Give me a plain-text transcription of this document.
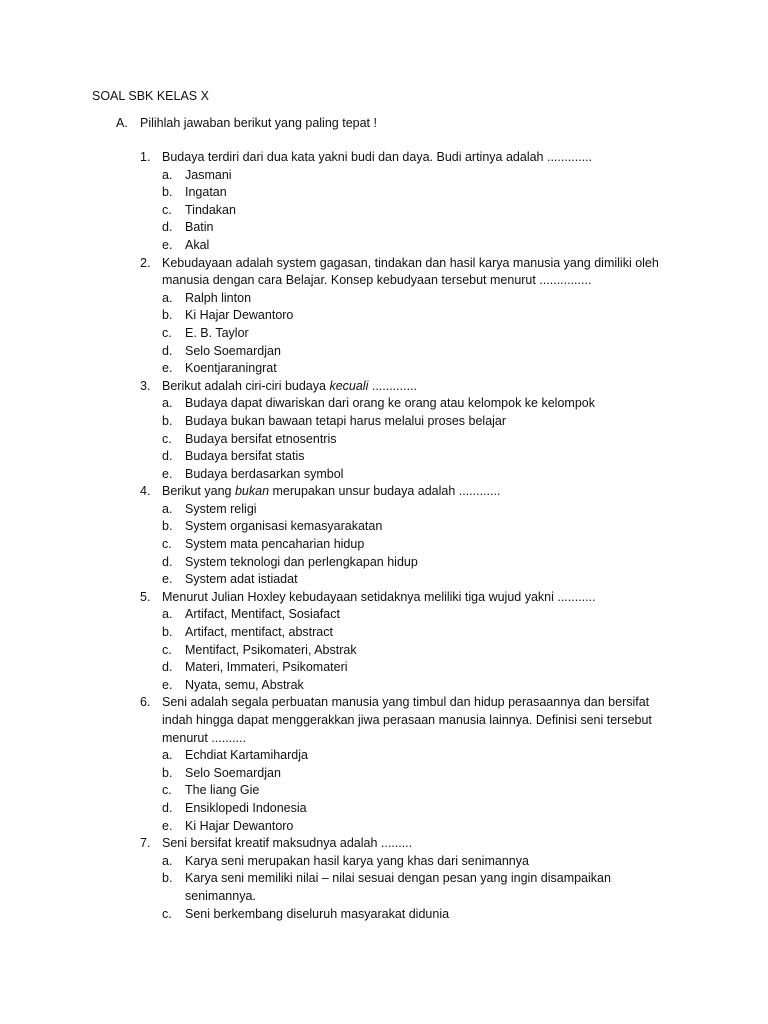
SOAL SBK KELAS X
A. Pilihlah jawaban berikut yang paling tepat !
1. Budaya terdiri dari dua kata yakni budi dan daya. Budi artinya adalah .............
a.	Jasmani
b.	Ingatan
c.	Tindakan
d.	Batin
e.	Akal
2. Kebudayaan adalah system gagasan, tindakan dan hasil karya manusia yang dimiliki oleh manusia dengan cara Belajar. Konsep kebudyaan tersebut menurut ...............
a.	Ralph linton
b.	Ki Hajar Dewantoro
c.	E. B. Taylor
d.	Selo Soemardjan
e.	Koentjaraningrat
3. Berikut adalah ciri-ciri budaya kecuali .............
a.	Budaya dapat diwariskan dari orang ke orang atau kelompok ke kelompok
b.	Budaya bukan bawaan tetapi harus melalui proses belajar
c.	Budaya bersifat etnosentris
d.	Budaya bersifat statis
e.	Budaya berdasarkan symbol
4. Berikut yang bukan merupakan unsur budaya adalah ............
a.	System religi
b.	System organisasi kemasyarakatan
c.	System mata pencaharian hidup
d.	System teknologi dan perlengkapan hidup
e.	System adat istiadat
5. Menurut Julian Hoxley kebudayaan setidaknya meliliki tiga wujud yakni ...........
a.	Artifact, Mentifact, Sosiafact
b.	Artifact, mentifact, abstract
c.	Mentifact, Psikomateri, Abstrak
d.	Materi, Immateri, Psikomateri
e.	Nyata, semu, Abstrak
6. Seni adalah segala perbuatan manusia yang timbul dan hidup perasaannya dan bersifat indah hingga dapat menggerakkan jiwa perasaan manusia lainnya. Definisi seni tersebut menurut ..........
a.	Echdiat Kartamihardja
b.	Selo Soemardjan
c.	The liang Gie
d.	Ensiklopedi Indonesia
e.	Ki Hajar Dewantoro
7. Seni bersifat kreatif maksudnya adalah .........
a.	Karya seni merupakan hasil karya yang khas dari senimannya
b.	Karya seni memiliki nilai – nilai sesuai dengan pesan yang ingin disampaikan senimannya.
c.	Seni berkembang diseluruh masyarakat didunia
